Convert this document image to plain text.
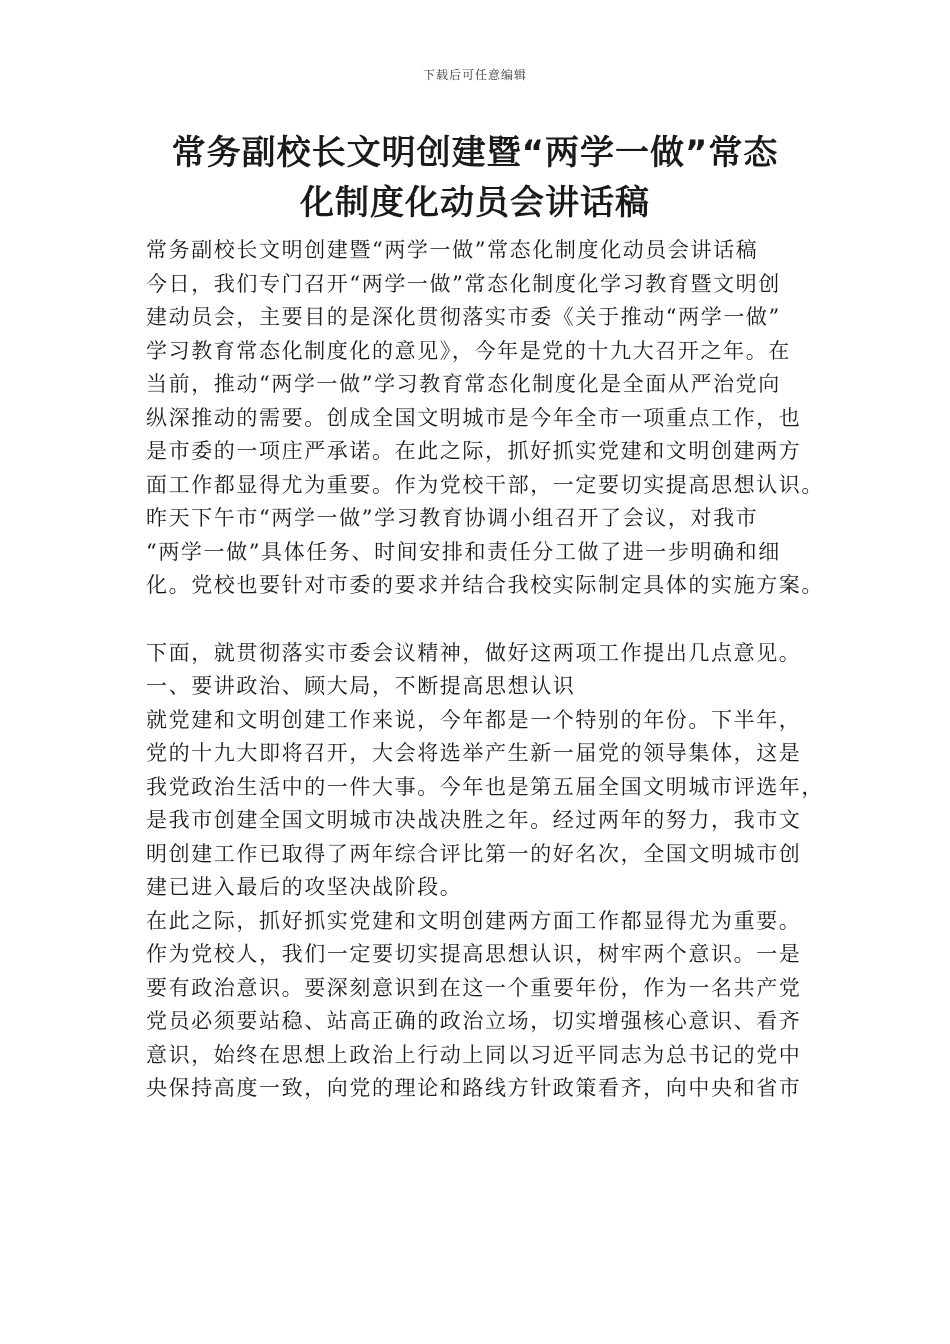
下载后可任意编辑
常务副校长文明创建暨“两学一做”常态
化制度化动员会讲话稿
常务副校长文明创建暨“两学一做”常态化制度化动员会讲话稿
今日，我们专门召开“两学一做”常态化制度化学习教育暨文明创
建动员会，主要目的是深化贯彻落实市委《关于推动“两学一做”
学习教育常态化制度化的意见》，今年是党的十九大召开之年。在
当前，推动“两学一做”学习教育常态化制度化是全面从严治党向
纵深推动的需要。创成全国文明城市是今年全市一项重点工作，也
是市委的一项庄严承诺。在此之际，抓好抓实党建和文明创建两方
面工作都显得尤为重要。作为党校干部，一定要切实提高思想认识。
昨天下午市“两学一做”学习教育协调小组召开了会议，对我市
“两学一做”具体任务、时间安排和责任分工做了进一步明确和细
化。党校也要针对市委的要求并结合我校实际制定具体的实施方案。
下面，就贯彻落实市委会议精神，做好这两项工作提出几点意见。
一、要讲政治、顾大局，不断提高思想认识
就党建和文明创建工作来说，今年都是一个特别的年份。下半年，
党的十九大即将召开，大会将选举产生新一届党的领导集体，这是
我党政治生活中的一件大事。今年也是第五届全国文明城市评选年，
是我市创建全国文明城市决战决胜之年。经过两年的努力，我市文
明创建工作已取得了两年综合评比第一的好名次，全国文明城市创
建已进入最后的攻坚决战阶段。
在此之际，抓好抓实党建和文明创建两方面工作都显得尤为重要。
作为党校人，我们一定要切实提高思想认识，树牢两个意识。一是
要有政治意识。要深刻意识到在这一个重要年份，作为一名共产党
党员必须要站稳、站高正确的政治立场，切实增强核心意识、看齐
意识，始终在思想上政治上行动上同以习近平同志为总书记的党中
央保持高度一致，向党的理论和路线方针政策看齐，向中央和省市
